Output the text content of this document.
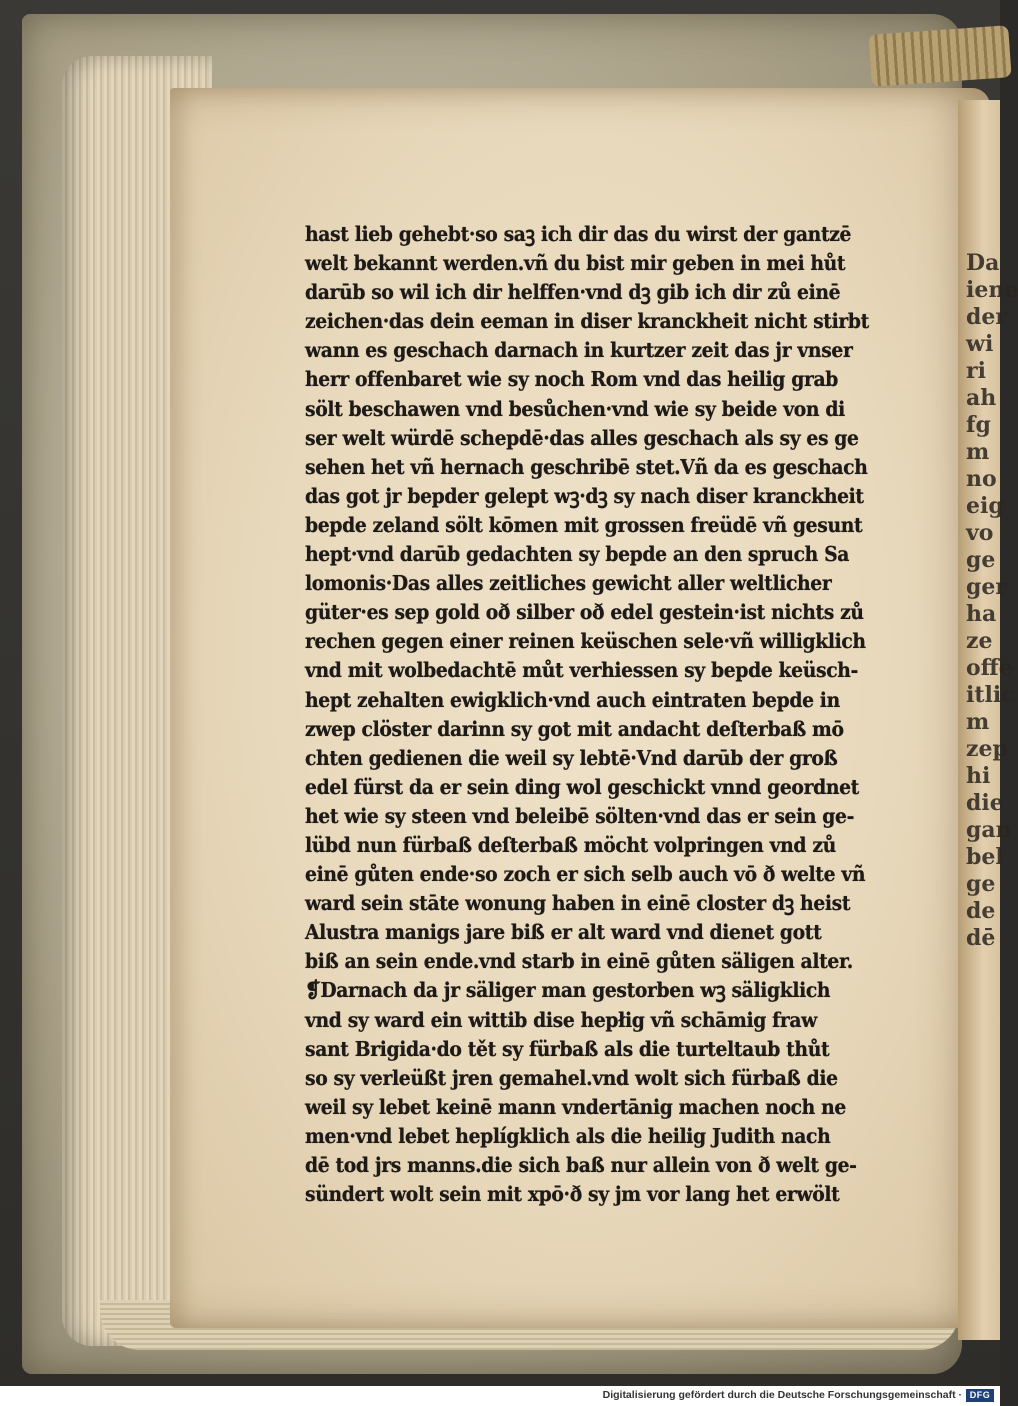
Da
iene
der
wi
ri
ah
fg
m
no
eig
vo
ge
ger
ha
ze
offe
itlic
m
zep
hi
die
gan
bel
ge
de
dē
hast lieb gehebt·so saꝫ ich dir das du wirst der gantzē
welt bekannt werden.vñ du bist mir geben in mei hůt
darūb so wil ich dir helffen·vnd dꝫ gib ich dir zů einē
zeichen·das dein eeman in diser kranckheit nicht stirbt
wann es geschach darnach in kurtzer zeit das jr vnser
herr offenbaret wie sy noch Rom vnd das heilig grab
sölt beschawen vnd besůchen·vnd wie sy beide von di
ser welt würdē schepdē·das alles geschach als sy es ge
sehen het vñ hernach geschribē stet.Vñ da es geschach
das got jr bepder gelept wꝫ·dꝫ sy nach diser kranckheit
bepde zeland sölt kōmen mit grossen freüdē vñ gesunt
hept·vnd darūb gedachten sy bepde an den spruch Sa
lomonis·Das alles zeitliches gewicht aller weltlicher
güter·es sep gold oð silber oð edel gestein·ist nichts zů
rechen gegen einer reinen keüschen sele·vñ willigklich
vnd mit wolbedachtē můt verhiessen sy bepde keüsch-
hept zehalten ewigklich·vnd auch eintraten bepde in
zwep clöster darinn sy got mit andacht deſterbaß mō
chten gedienen die weil sy lebtē·Vnd darūb der groß
edel fürst da er sein ding wol geschickt vnnd geordnet
het wie sy steen vnd beleibē sölten·vnd das er sein ge-
lübd nun fürbaß deſterbaß möcht volpringen vnd zů
einē gůten ende·so zoch er sich selb auch vō ð welte vñ
ward sein stāte wonung haben in einē closter dꝫ heist
Alustra manigs jare biß er alt ward vnd dienet gott
biß an sein ende.vnd starb in einē gůten säligen alter.
❡Darnach da jr säliger man gestorben wꝫ säligklich
vnd sy ward ein wittib dise hepłig vñ schāmig fraw
sant Brigida·do tět sy fürbaß als die turteltaub thůt
so sy verleüßt jren gemahel.vnd wolt sich fürbaß die
weil sy lebet keinē mann vndertānig machen noch ne
men·vnd lebet heplígklich als die heilig Judith nach
dē tod jrs manns.die sich baß nur allein von ð welt ge-
sündert wolt sein mit xpō·ð sy jm vor lang het erwölt
Digitalisierung gefördert durch die Deutsche Forschungsgemeinschaft · DFG
